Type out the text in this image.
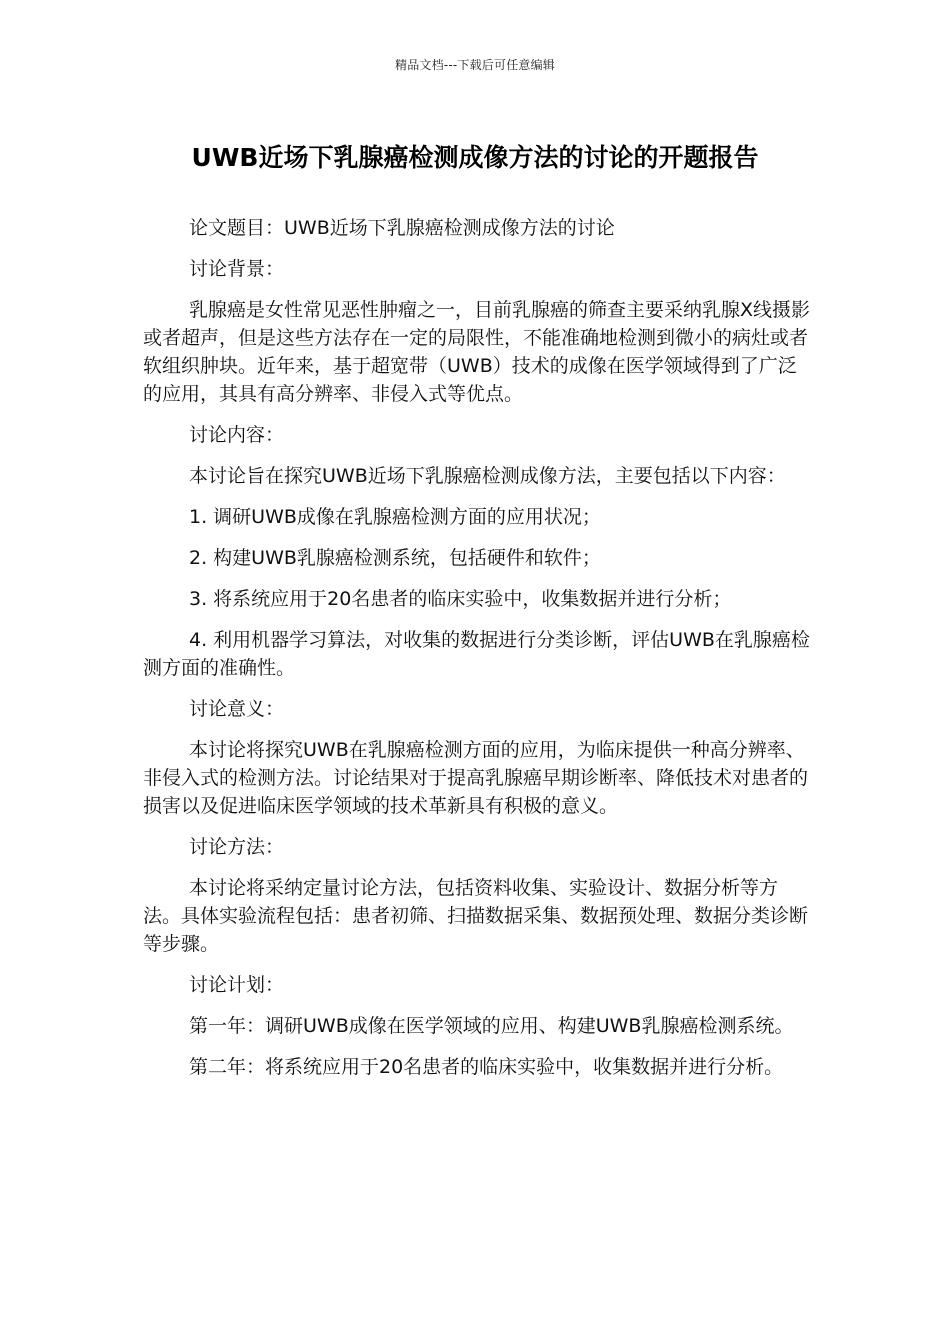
精品文档---下载后可任意编辑
UWB近场下乳腺癌检测成像方法的讨论的开题报告

论文题目：UWB近场下乳腺癌检测成像方法的讨论

讨论背景：

乳腺癌是女性常见恶性肿瘤之一，目前乳腺癌的筛查主要采纳乳腺X线摄影或者超声，但是这些方法存在一定的局限性，不能准确地检测到微小的病灶或者软组织肿块。近年来，基于超宽带（UWB）技术的成像在医学领域得到了广泛的应用，其具有高分辨率、非侵入式等优点。

讨论内容：

本讨论旨在探究UWB近场下乳腺癌检测成像方法，主要包括以下内容：

1. 调研UWB成像在乳腺癌检测方面的应用状况；

2. 构建UWB乳腺癌检测系统，包括硬件和软件；

3. 将系统应用于20名患者的临床实验中，收集数据并进行分析；

4. 利用机器学习算法，对收集的数据进行分类诊断，评估UWB在乳腺癌检测方面的准确性。

讨论意义：

本讨论将探究UWB在乳腺癌检测方面的应用，为临床提供一种高分辨率、非侵入式的检测方法。讨论结果对于提高乳腺癌早期诊断率、降低技术对患者的损害以及促进临床医学领域的技术革新具有积极的意义。

讨论方法：

本讨论将采纳定量讨论方法，包括资料收集、实验设计、数据分析等方法。具体实验流程包括：患者初筛、扫描数据采集、数据预处理、数据分类诊断等步骤。

讨论计划：

第一年：调研UWB成像在医学领域的应用、构建UWB乳腺癌检测系统。

第二年：将系统应用于20名患者的临床实验中，收集数据并进行分析。
